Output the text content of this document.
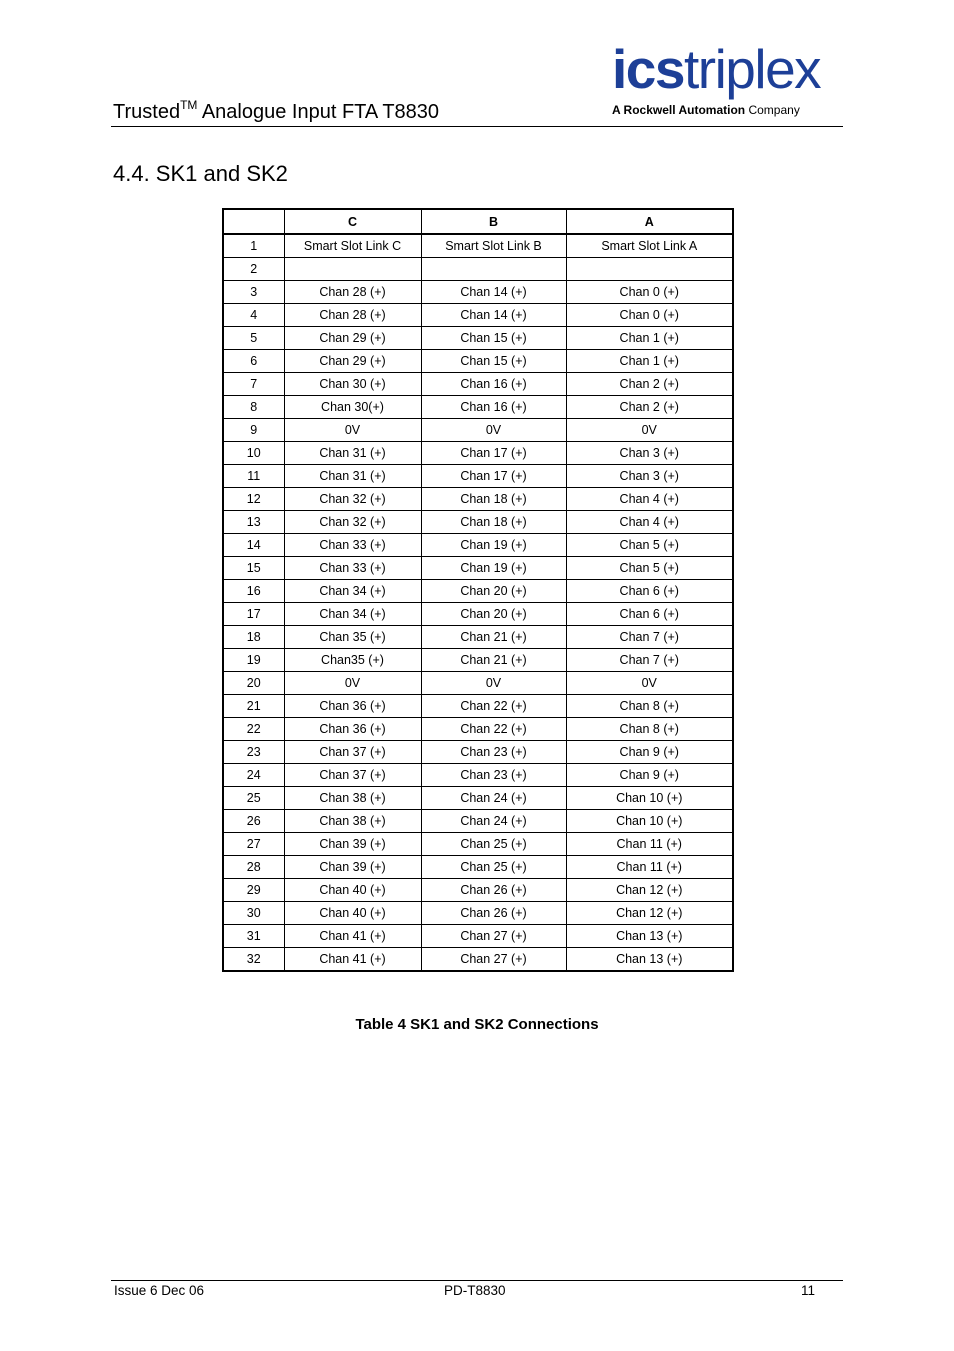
Trusted™ Analogue Input FTA T8830
icstriplex
A Rockwell Automation Company
4.4. SK1 and SK2
	C	B	A
1	Smart Slot Link C	Smart Slot Link B	Smart Slot Link A
2			
3	Chan 28 (+)	Chan 14 (+)	Chan 0 (+)
4	Chan 28 (+)	Chan 14 (+)	Chan 0 (+)
5	Chan 29 (+)	Chan 15 (+)	Chan 1 (+)
6	Chan 29 (+)	Chan 15 (+)	Chan 1 (+)
7	Chan 30 (+)	Chan 16 (+)	Chan 2 (+)
8	Chan 30(+)	Chan 16 (+)	Chan 2 (+)
9	0V	0V	0V
10	Chan 31 (+)	Chan 17 (+)	Chan 3 (+)
11	Chan 31 (+)	Chan 17 (+)	Chan 3 (+)
12	Chan 32 (+)	Chan 18 (+)	Chan 4 (+)
13	Chan 32 (+)	Chan 18 (+)	Chan 4 (+)
14	Chan 33 (+)	Chan 19 (+)	Chan 5 (+)
15	Chan 33 (+)	Chan 19 (+)	Chan 5 (+)
16	Chan 34 (+)	Chan 20 (+)	Chan 6 (+)
17	Chan 34 (+)	Chan 20 (+)	Chan 6 (+)
18	Chan 35 (+)	Chan 21 (+)	Chan 7 (+)
19	Chan35 (+)	Chan 21 (+)	Chan 7 (+)
20	0V	0V	0V
21	Chan 36 (+)	Chan 22 (+)	Chan 8 (+)
22	Chan 36 (+)	Chan 22 (+)	Chan 8 (+)
23	Chan 37 (+)	Chan 23 (+)	Chan 9 (+)
24	Chan 37 (+)	Chan 23 (+)	Chan 9 (+)
25	Chan 38 (+)	Chan 24 (+)	Chan 10 (+)
26	Chan 38 (+)	Chan 24 (+)	Chan 10 (+)
27	Chan 39 (+)	Chan 25 (+)	Chan 11 (+)
28	Chan 39 (+)	Chan 25 (+)	Chan 11 (+)
29	Chan 40 (+)	Chan 26 (+)	Chan 12 (+)
30	Chan 40 (+)	Chan 26 (+)	Chan 12 (+)
31	Chan 41 (+)	Chan 27 (+)	Chan 13 (+)
32	Chan 41 (+)	Chan 27 (+)	Chan 13 (+)
Table 4 SK1 and SK2 Connections
Issue 6 Dec 06	PD-T8830	11
